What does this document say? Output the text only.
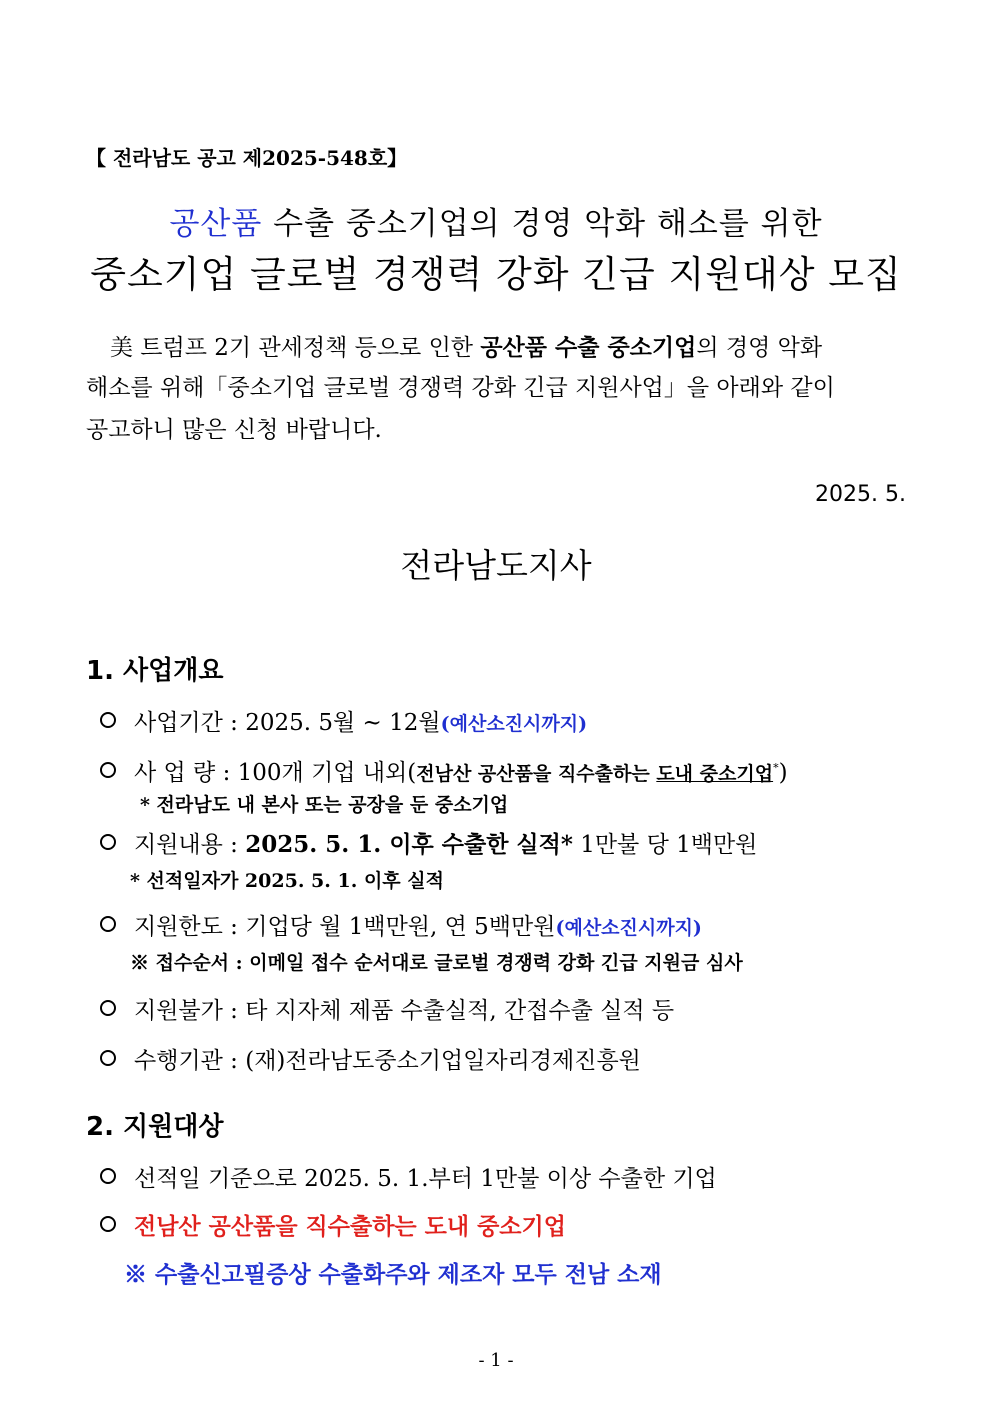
【 전라남도 공고 제2025-548호】
공산품 수출 중소기업의 경영 악화 해소를 위한
중소기업 글로벌 경쟁력 강화 긴급 지원대상 모집
美 트럼프 2기 관세정책 등으로 인한 공산품 수출 중소기업의 경영 악화
해소를 위해「중소기업 글로벌 경쟁력 강화 긴급 지원사업」을 아래와 같이
공고하니 많은 신청 바랍니다.
2025. 5.
전라남도지사
1. 사업개요
사업기간 : 2025. 5월 ~ 12월(예산소진시까지)
사 업 량 : 100개 기업 내외(전남산 공산품을 직수출하는 도내 중소기업*)
* 전라남도 내 본사 또는 공장을 둔 중소기업
지원내용 : 2025. 5. 1. 이후 수출한 실적* 1만불 당 1백만원
* 선적일자가 2025. 5. 1. 이후 실적
지원한도 : 기업당 월 1백만원, 연 5백만원(예산소진시까지)
※ 접수순서 : 이메일 접수 순서대로 글로벌 경쟁력 강화 긴급 지원금 심사
지원불가 : 타 지자체 제품 수출실적, 간접수출 실적 등
수행기관 : (재)전라남도중소기업일자리경제진흥원
2. 지원대상
선적일 기준으로 2025. 5. 1.부터 1만불 이상 수출한 기업
전남산 공산품을 직수출하는 도내 중소기업
※ 수출신고필증상 수출화주와 제조자 모두 전남 소재
- 1 -
